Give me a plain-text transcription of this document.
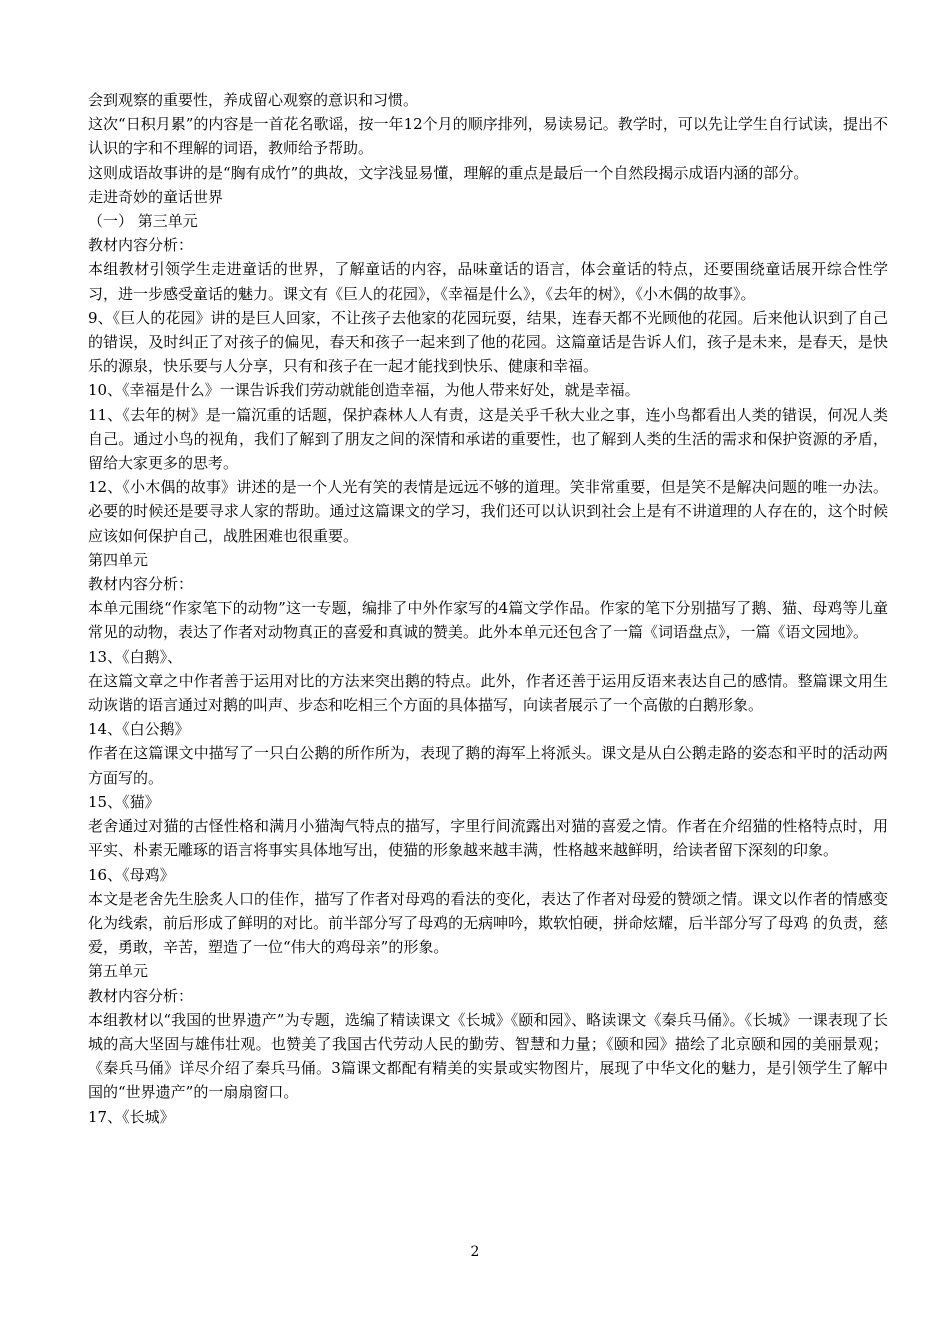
会到观察的重要性，养成留心观察的意识和习惯。
这次“日积月累”的内容是一首花名歌谣，按一年12个月的顺序排列，易读易记。教学时，可以先让学生自行试读，提出不认识的字和不理解的词语，教师给予帮助。
这则成语故事讲的是“胸有成竹”的典故，文字浅显易懂，理解的重点是最后一个自然段揭示成语内涵的部分。
走进奇妙的童话世界
（一） 第三单元
教材内容分析：
本组教材引领学生走进童话的世界，了解童话的内容，品味童话的语言，体会童话的特点，还要围绕童话展开综合性学习，进一步感受童话的魅力。课文有《巨人的花园》，《幸福是什么》，《去年的树》，《小木偶的故事》。
9、《巨人的花园》讲的是巨人回家，不让孩子去他家的花园玩耍，结果，连春天都不光顾他的花园。后来他认识到了自己的错误，及时纠正了对孩子的偏见，春天和孩子一起来到了他的花园。这篇童话是告诉人们，孩子是未来，是春天，是快乐的源泉，快乐要与人分享，只有和孩子在一起才能找到快乐、健康和幸福。
10、《幸福是什么》一课告诉我们劳动就能创造幸福，为他人带来好处，就是幸福。
11、《去年的树》是一篇沉重的话题，保护森林人人有责，这是关乎千秋大业之事，连小鸟都看出人类的错误，何况人类自己。通过小鸟的视角，我们了解到了朋友之间的深情和承诺的重要性，也了解到人类的生活的需求和保护资源的矛盾，留给大家更多的思考。
12、《小木偶的故事》讲述的是一个人光有笑的表情是远远不够的道理。笑非常重要，但是笑不是解决问题的唯一办法。必要的时候还是要寻求人家的帮助。通过这篇课文的学习，我们还可以认识到社会上是有不讲道理的人存在的，这个时候应该如何保护自己，战胜困难也很重要。
第四单元
教材内容分析：
本单元围绕“作家笔下的动物”这一专题，编排了中外作家写的4篇文学作品。作家的笔下分别描写了鹅、猫、母鸡等儿童常见的动物，表达了作者对动物真正的喜爱和真诚的赞美。此外本单元还包含了一篇《词语盘点》，一篇《语文园地》。
13、《白鹅》、
在这篇文章之中作者善于运用对比的方法来突出鹅的特点。此外，作者还善于运用反语来表达自己的感情。整篇课文用生动诙谐的语言通过对鹅的叫声、步态和吃相三个方面的具体描写，向读者展示了一个高傲的白鹅形象。
14、《白公鹅》
作者在这篇课文中描写了一只白公鹅的所作所为，表现了鹅的海军上将派头。课文是从白公鹅走路的姿态和平时的活动两方面写的。
15、《猫》
老舍通过对猫的古怪性格和满月小猫淘气特点的描写，字里行间流露出对猫的喜爱之情。作者在介绍猫的性格特点时，用平实、朴素无雕琢的语言将事实具体地写出，使猫的形象越来越丰满，性格越来越鲜明，给读者留下深刻的印象。
16、《母鸡》
本文是老舍先生脍炙人口的佳作，描写了作者对母鸡的看法的变化，表达了作者对母爱的赞颂之情。课文以作者的情感变化为线索，前后形成了鲜明的对比。前半部分写了母鸡的无病呻吟，欺软怕硬，拼命炫耀，后半部分写了母鸡 的负责，慈爱，勇敢，辛苦，塑造了一位“伟大的鸡母亲”的形象。
第五单元
教材内容分析：
本组教材以“我国的世界遗产”为专题，选编了精读课文《长城》《颐和园》、略读课文《秦兵马俑》。《长城》一课表现了长城的高大坚固与雄伟壮观。也赞美了我国古代劳动人民的勤劳、智慧和力量；《颐和园》描绘了北京颐和园的美丽景观；《秦兵马俑》详尽介绍了秦兵马俑。3篇课文都配有精美的实景或实物图片，展现了中华文化的魅力，是引领学生了解中国的“世界遗产”的一扇扇窗口。
17、《长城》
2
